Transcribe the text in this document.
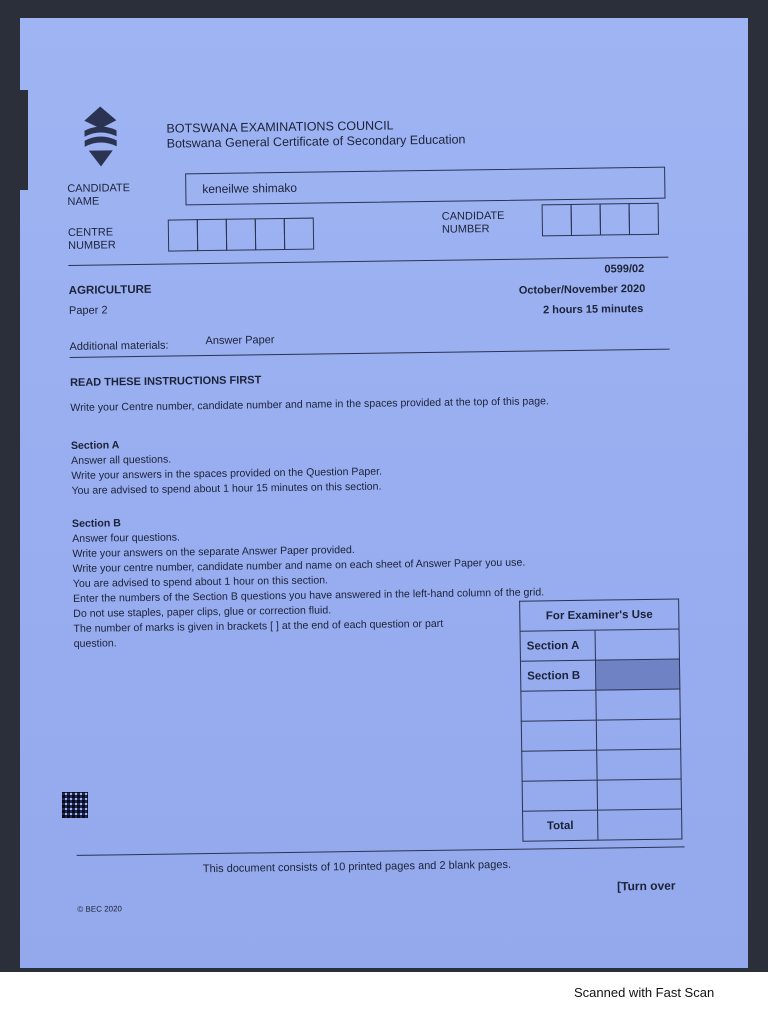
BOTSWANA EXAMINATIONS COUNCIL
Botswana General Certificate of Secondary Education
CANDIDATE
NAME
keneilwe shimako
CENTRE
NUMBER
CANDIDATE
NUMBER
AGRICULTURE
Paper 2
0599/02
October/November 2020
2 hours 15 minutes
Additional materials:	Answer Paper
READ THESE INSTRUCTIONS FIRST
Write your Centre number, candidate number and name in the spaces provided at the top of this page.
Section A
Answer all questions.
Write your answers in the spaces provided on the Question Paper.
You are advised to spend about 1 hour 15 minutes on this section.
Section B
Answer four questions.
Write your answers on the separate Answer Paper provided.
Write your centre number, candidate number and name on each sheet of Answer Paper you use.
You are advised to spend about 1 hour on this section.
Enter the numbers of the Section B questions you have answered in the left-hand column of the grid.
Do not use staples, paper clips, glue or correction fluid.
The number of marks is given in brackets [ ] at the end of each question or part
question.
For Examiner's Use	
Section A	
Section B	

Total	
This document consists of 10 printed pages and 2 blank pages.
[Turn over
© BEC 2020
Scanned with Fast Scan
